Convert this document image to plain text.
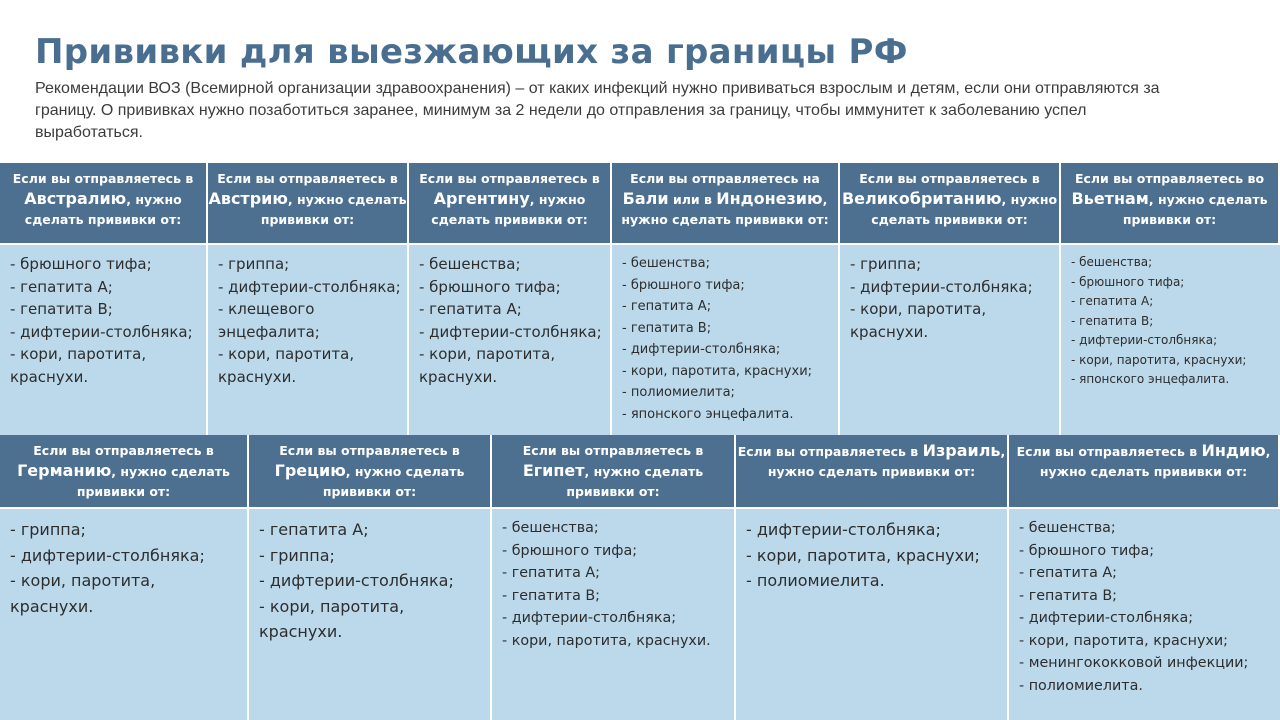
Прививки для выезжающих за границы РФ
Рекомендации ВОЗ (Всемирной организации здравоохранения) – от каких инфекций нужно прививаться взрослым и детям, если они отправляются за границу. О прививках нужно позаботиться заранее, минимум за 2 недели до отправления за границу, чтобы иммунитет к заболеванию успел выработаться.
Если вы отправляетесь в Австралию, нужно сделать прививки от:
Если вы отправляетесь в Австрию, нужно сделать прививки от:
Если вы отправляетесь в Аргентину, нужно сделать прививки от:
Если вы отправляетесь на Бали или в Индонезию, нужно сделать прививки от:
Если вы отправляетесь в Великобританию, нужно сделать прививки от:
Если вы отправляетесь во Вьетнам, нужно сделать прививки от:
- брюшного тифа;
- гепатита А;
- гепатита В;
- дифтерии-столбняка;
- кори, паротита,
краснухи.
- гриппа;
- дифтерии-столбняка;
- клещевого
энцефалита;
- кори, паротита,
краснухи.
- бешенства;
- брюшного тифа;
- гепатита А;
- дифтерии-столбняка;
- кори, паротита,
краснухи.
- бешенства;
- брюшного тифа;
- гепатита А;
- гепатита В;
- дифтерии-столбняка;
- кори, паротита, краснухи;
- полиомиелита;
- японского энцефалита.
- гриппа;
- дифтерии-столбняка;
- кори, паротита,
краснухи.
- бешенства;
- брюшного тифа;
- гепатита А;
- гепатита В;
- дифтерии-столбняка;
- кори, паротита, краснухи;
- японского энцефалита.
Если вы отправляетесь в Германию, нужно сделать прививки от:
Если вы отправляетесь в Грецию, нужно сделать прививки от:
Если вы отправляетесь в Египет, нужно сделать прививки от:
Если вы отправляетесь в Израиль, нужно сделать прививки от:
Если вы отправляетесь в Индию, нужно сделать прививки от:
- гриппа;
- дифтерии-столбняка;
- кори, паротита,
краснухи.
- гепатита А;
- гриппа;
- дифтерии-столбняка;
- кори, паротита,
краснухи.
- бешенства;
- брюшного тифа;
- гепатита А;
- гепатита В;
- дифтерии-столбняка;
- кори, паротита, краснухи.
- дифтерии-столбняка;
- кори, паротита, краснухи;
- полиомиелита.
- бешенства;
- брюшного тифа;
- гепатита А;
- гепатита В;
- дифтерии-столбняка;
- кори, паротита, краснухи;
- менингококковой инфекции;
- полиомиелита.
